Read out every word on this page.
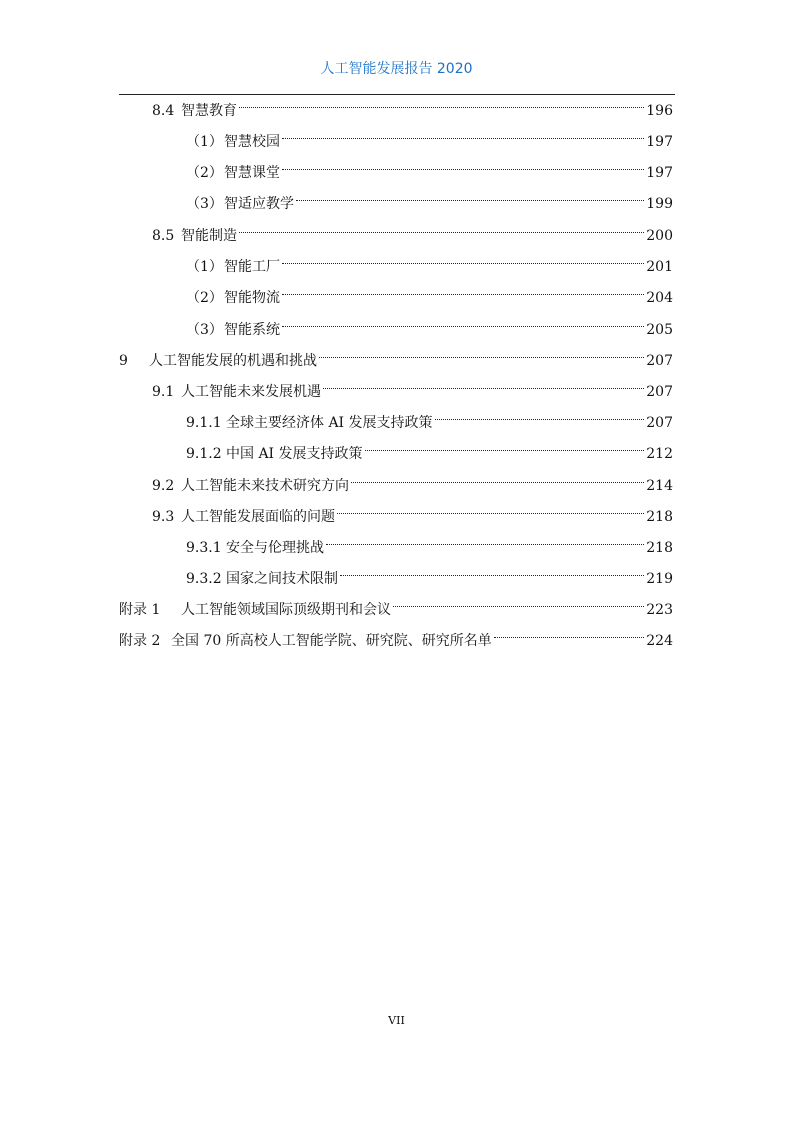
人工智能发展报告 2020
8.4 智慧教育	196
（1） 智慧校园	197
（2） 智慧课堂	197
（3） 智适应教学	199
8.5 智能制造	200
（1） 智能工厂	201
（2） 智能物流	204
（3） 智能系统	205
9	人工智能发展的机遇和挑战	207
9.1 人工智能未来发展机遇	207
9.1.1 全球主要经济体 AI 发展支持政策	207
9.1.2 中国 AI 发展支持政策	212
9.2 人工智能未来技术研究方向	214
9.3 人工智能发展面临的问题	218
9.3.1 安全与伦理挑战	218
9.3.2 国家之间技术限制	219
附录 1	人工智能领域国际顶级期刊和会议	223
附录 2 全国 70 所高校人工智能学院、研究院、研究所名单	224
VII
